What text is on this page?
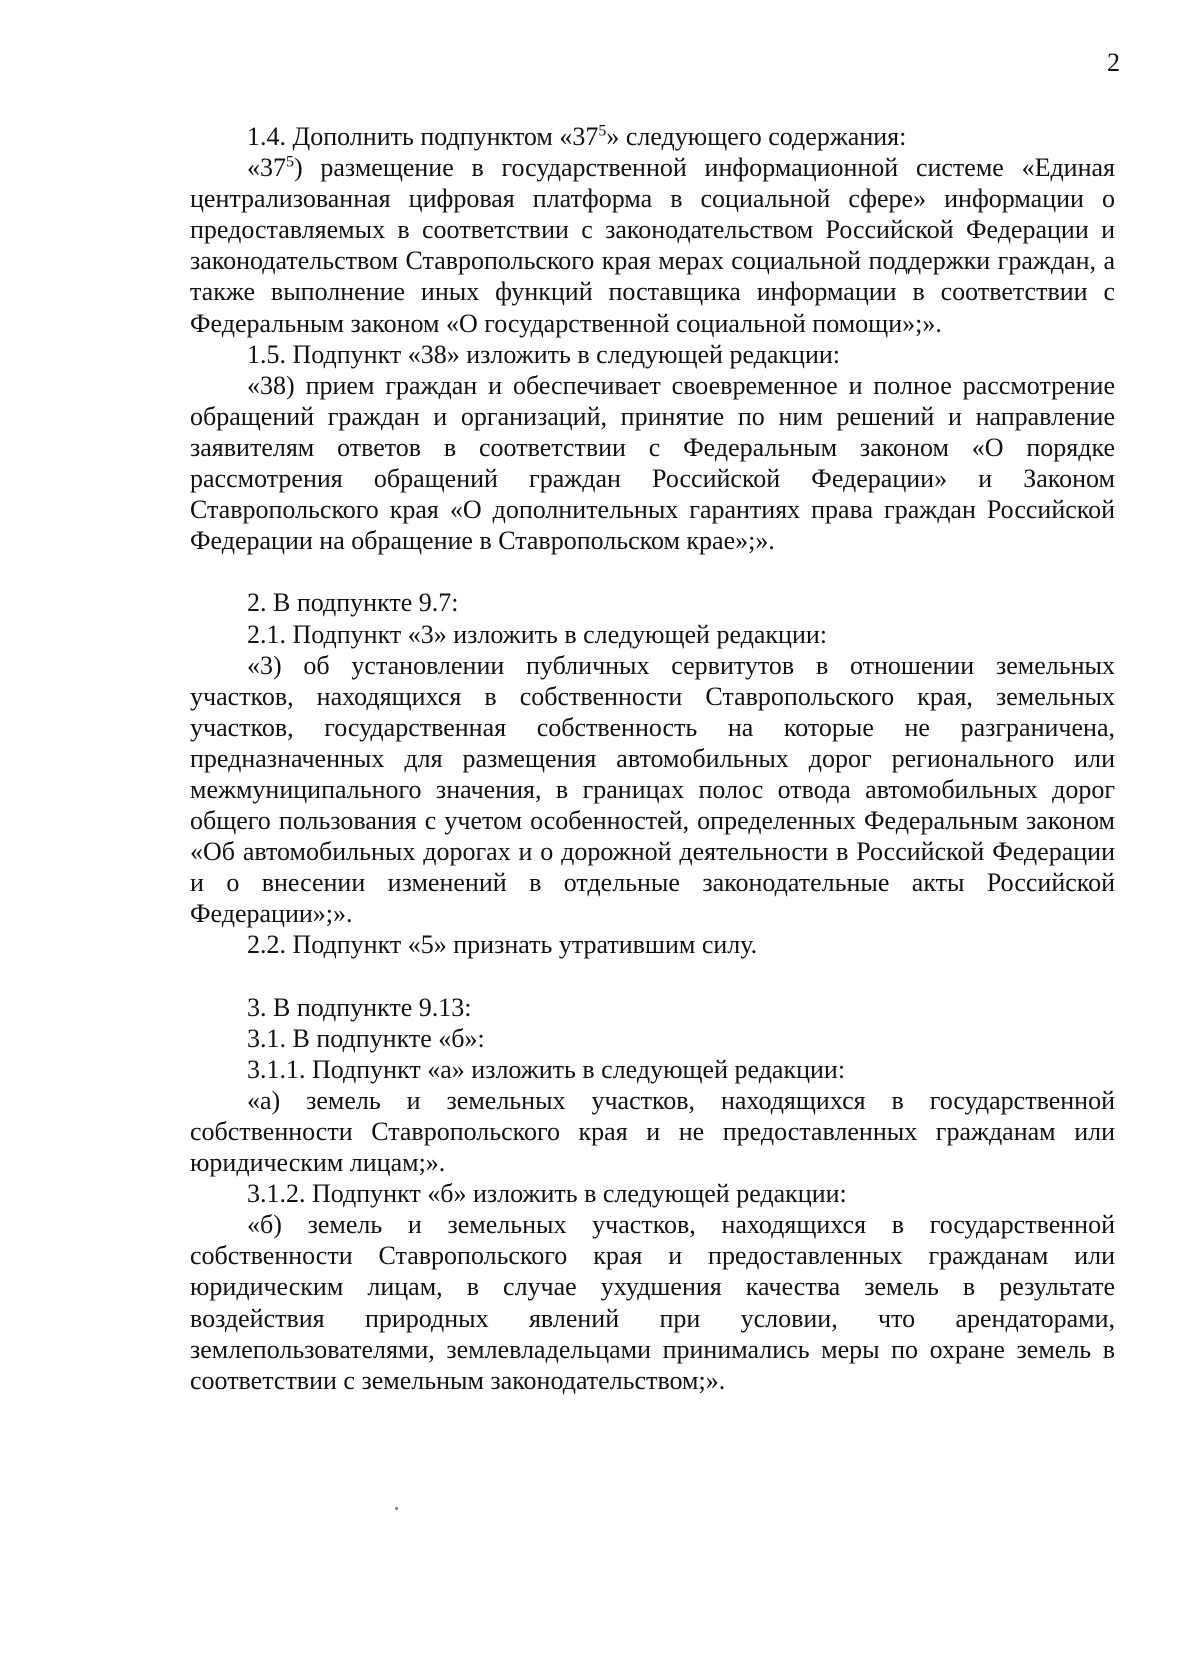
2

1.4. Дополнить подпунктом «$37^5$» следующего содержания:

«$37^5$) размещение в государственной информационной системе «Единая централизованная цифровая платформа в социальной сфере» информации о предоставляемых в соответствии с законодательством Российской Федерации и законодательством Ставропольского края мерах социальной поддержки граждан, а также выполнение иных функций поставщика информации в соответствии с Федеральным законом «О государственной социальной помощи»;».

1.5. Подпункт «38» изложить в следующей редакции:

«38) прием граждан и обеспечивает своевременное и полное рассмотрение обращений граждан и организаций, принятие по ним решений и направление заявителям ответов в соответствии с Федеральным законом «О порядке рассмотрения обращений граждан Российской Федерации» и Законом Ставропольского края «О дополнительных гарантиях права граждан Российской Федерации на обращение в Ставропольском крае»;».

2. В подпункте 9.7:

2.1. Подпункт «3» изложить в следующей редакции:

«3) об установлении публичных сервитутов в отношении земельных участков, находящихся в собственности Ставропольского края, земельных участков, государственная собственность на которые не разграничена, предназначенных для размещения автомобильных дорог регионального или межмуниципального значения, в границах полос отвода автомобильных дорог общего пользования с учетом особенностей, определенных Федеральным законом «Об автомобильных дорогах и о дорожной деятельности в Российской Федерации и о внесении изменений в отдельные законодательные акты Российской Федерации»;».

2.2. Подпункт «5» признать утратившим силу.

3. В подпункте 9.13:

3.1. В подпункте «б»:

3.1.1. Подпункт «а» изложить в следующей редакции:

«а) земель и земельных участков, находящихся в государственной собственности Ставропольского края и не предоставленных гражданам или юридическим лицам;».

3.1.2. Подпункт «б» изложить в следующей редакции:

«б) земель и земельных участков, находящихся в государственной собственности Ставропольского края и предоставленных гражданам или юридическим лицам, в случае ухудшения качества земель в результате воздействия природных явлений при условии, что арендаторами, землепользователями, землевладельцами принимались меры по охране земель в соответствии с земельным законодательством;».
